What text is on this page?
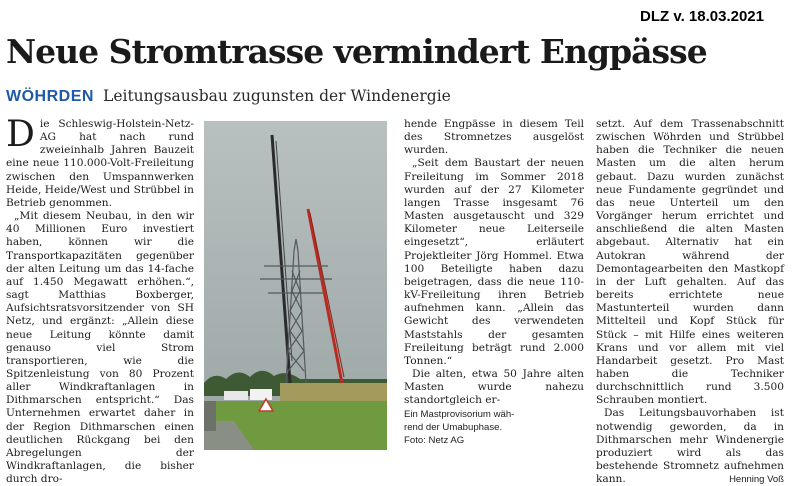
DLZ v. 18.03.2021
Neue Stromtrasse vermindert Engpässe
WÖHRDEN Leitungsausbau zugunsten der Windenergie

Die Schleswig-Holstein-Netz-AG hat nach rund zweieinhalb Jahren Bauzeit eine neue 110.000-Volt-Freileitung zwischen den Umspannwerken Heide, Heide/West und Strübbel in Betrieb genommen.

„Mit diesem Neubau, in den wir 40 Millionen Euro investiert haben, können wir die Transportkapazitäten gegenüber der alten Leitung um das 14-fache auf 1.450 Megawatt erhöhen.“, sagt Matthias Boxberger, Aufsichtsratsvorsitzender von SH Netz, und ergänzt: „Allein diese neue Leitung könnte damit genauso viel Strom transportieren, wie die Spitzenleistung von 80 Prozent aller Windkraftanlagen in Dithmarschen entspricht.“ Das Unternehmen erwartet daher in der Region Dithmarschen einen deutlichen Rückgang bei den Abregelungen der Windkraftanlagen, die bisher durch dro-

hende Engpässe in diesem Teil des Stromnetzes ausgelöst wurden.

„Seit dem Baustart der neuen Freileitung im Sommer 2018 wurden auf der 27 Kilometer langen Trasse insgesamt 76 Masten ausgetauscht und 329 Kilometer neue Leiterseile eingesetzt“, erläutert Projektleiter Jörg Hommel. Etwa 100 Beteiligte haben dazu beigetragen, dass die neue 110-kV-Freileitung ihren Betrieb aufnehmen kann. „Allein das Gewicht des verwendeten Maststahls der gesamten Freileitung beträgt rund 2.000 Tonnen.“

Die alten, etwa 50 Jahre alten Masten wurde nahezu standortgleich er-

Ein Mastprovisorium wäh-
rend der Umabuphase.
Foto: Netz AG

setzt. Auf dem Trassenabschnitt zwischen Wöhrden und Strübbel haben die Techniker die neuen Masten um die alten herum gebaut. Dazu wurden zunächst neue Fundamente gegründet und das neue Unterteil um den Vorgänger herum errichtet und anschließend die alten Masten abgebaut. Alternativ hat ein Autokran während der Demontagearbeiten den Mastkopf in der Luft gehalten. Auf das bereits errichtete neue Mastunterteil wurden dann Mittelteil und Kopf Stück für Stück – mit Hilfe eines weiteren Krans und vor allem mit viel Handarbeit gesetzt. Pro Mast haben die Techniker durchschnittlich rund 3.500 Schrauben montiert.

Das Leitungsbauvorhaben ist notwendig geworden, da in Dithmarschen mehr Windenergie produziert wird als das bestehende Stromnetz aufnehmen kann.	Henning Voß
